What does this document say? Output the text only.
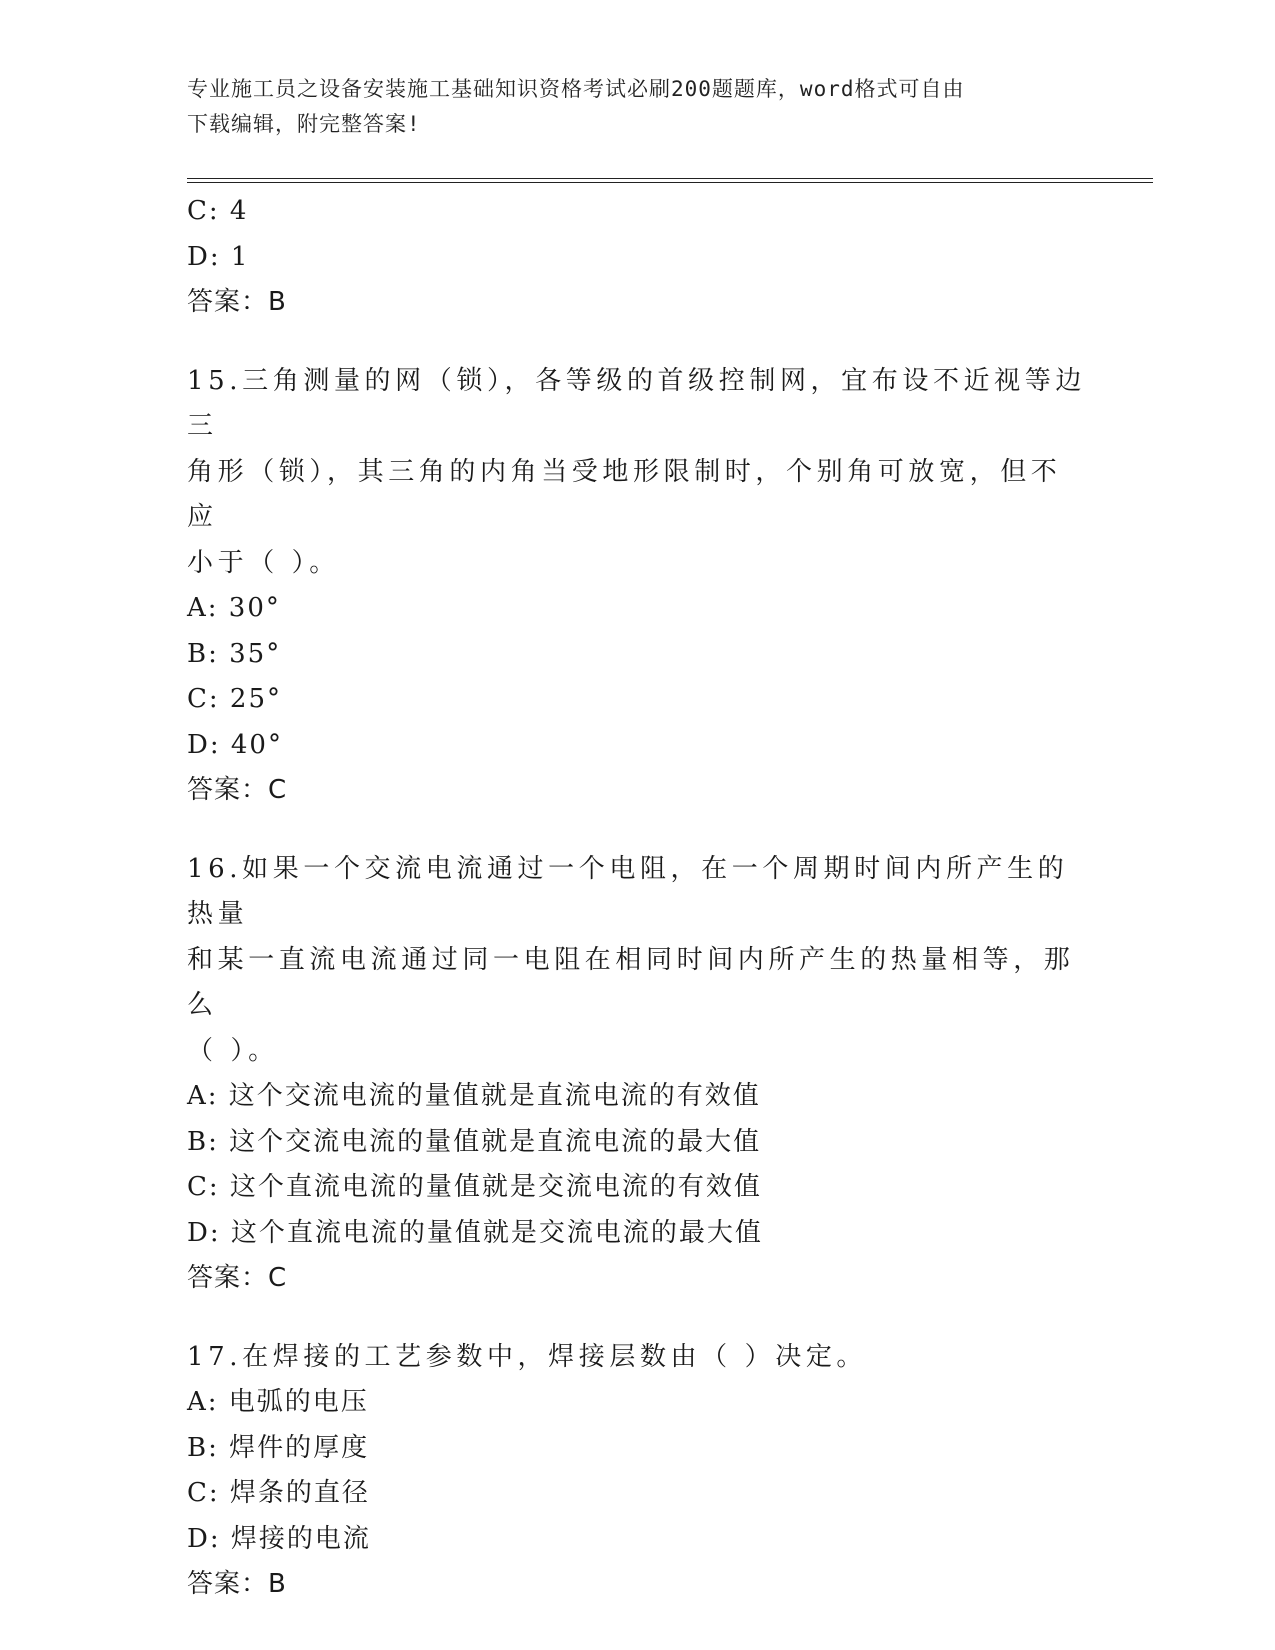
专业施工员之设备安装施工基础知识资格考试必刷200题题库，word格式可自由
下载编辑，附完整答案!
C: 4
D: 1
答案：B
15.三角测量的网（锁），各等级的首级控制网，宜布设不近视等边三
角形（锁），其三角的内角当受地形限制时，个别角可放宽，但不应
小于（ ）。
A: 30°
B: 35°
C: 25°
D: 40°
答案：C
16.如果一个交流电流通过一个电阻，在一个周期时间内所产生的热量
和某一直流电流通过同一电阻在相同时间内所产生的热量相等，那么
（ ）。
A: 这个交流电流的量值就是直流电流的有效值
B: 这个交流电流的量值就是直流电流的最大值
C: 这个直流电流的量值就是交流电流的有效值
D: 这个直流电流的量值就是交流电流的最大值
答案：C
17.在焊接的工艺参数中，焊接层数由（ ）决定。
A: 电弧的电压
B: 焊件的厚度
C: 焊条的直径
D: 焊接的电流
答案：B
